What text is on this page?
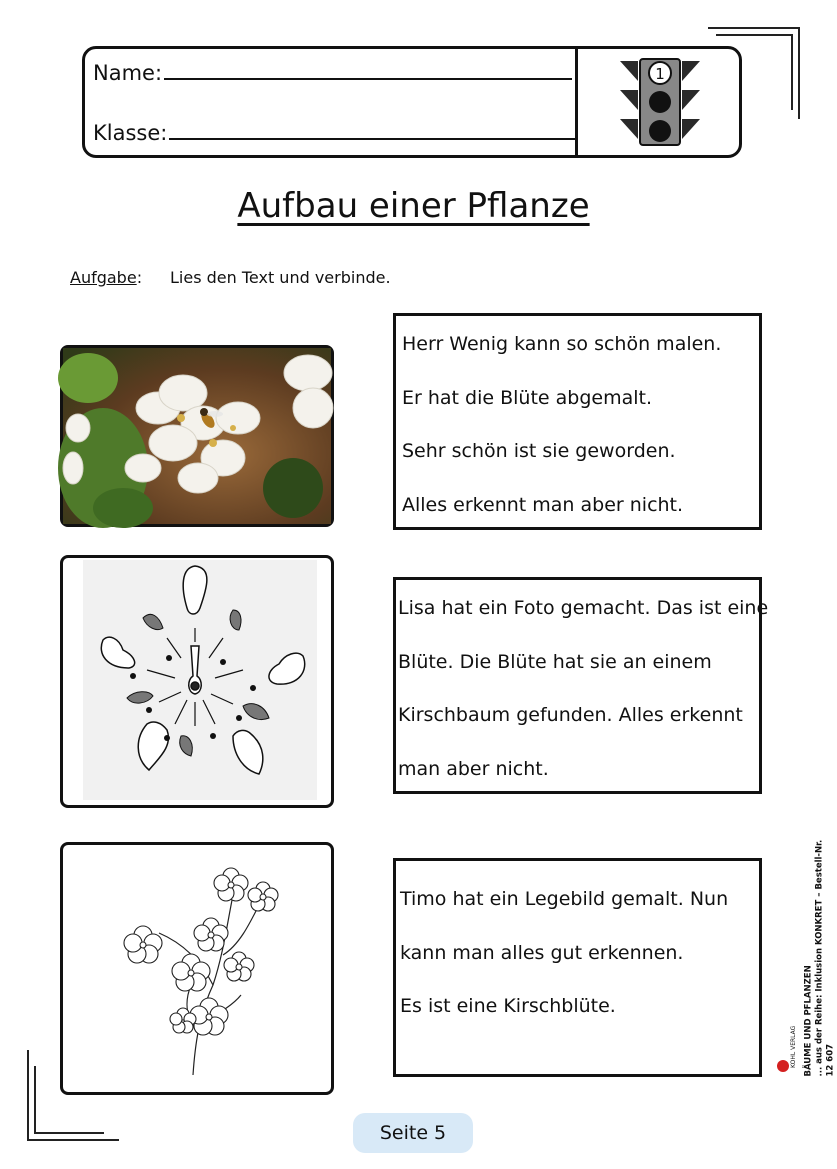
Name:
Klasse:
1
Aufbau einer Pflanze
Aufgabe: Lies den Text und verbinde.
Herr Wenig kann so schön malen.
Er hat die Blüte abgemalt.
Sehr schön ist sie geworden.
Alles erkennt man aber nicht.
Lisa hat ein Foto gemacht. Das ist eine
Blüte. Die Blüte hat sie an einem
Kirschbaum gefunden. Alles erkennt
man aber nicht.
Timo hat ein Legebild gemalt. Nun
kann man alles gut erkennen.
Es ist eine Kirschblüte.	BÄUME UND PFLANZEN ... aus der Reihe: Inklusion KONKRET – Bestell-Nr. 12 607
KOHL VERLAG
Seite 5
